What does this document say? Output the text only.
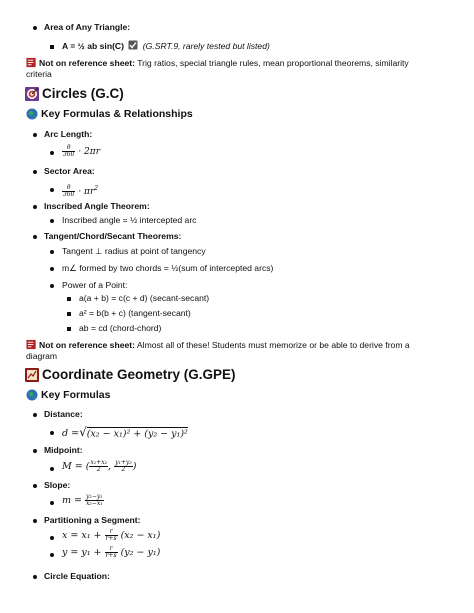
Area of Any Triangle:
A = ½ ab sin(C) (G.SRT.9, rarely tested but listed)
Not on reference sheet: Trig ratios, special triangle rules, mean proportional theorems, similarity
criteria
Circles (G.C)
Key Formulas & Relationships
Arc Length:
$\frac{\theta}{360} \cdot 2\pi r$
Sector Area:
$\frac{\theta}{360} \cdot \pi r^2$
Inscribed Angle Theorem:
Inscribed angle = ½ intercepted arc
Tangent/Chord/Secant Theorems:
Tangent ⊥ radius at point of tangency
m∠ formed by two chords = ½(sum of intercepted arcs)
Power of a Point:
a(a + b) = c(c + d) (secant-secant)
a² = b(b + c) (tangent-secant)
ab = cd (chord-chord)
Not on reference sheet: Almost all of these! Students must memorize or be able to derive from a
diagram
Coordinate Geometry (G.GPE)
Key Formulas
Distance:
d =√(x₂ − x₁)² + (y₂ − y₁)²
Midpoint:
M = ( $\frac{\text{x₁+x₂}}{2}$ , $\frac{\text{y₁+y₂}}{2}$ )
Slope:
$m = \frac{\text{y₂−y₁}}{\text{x₂−x₁}}$
Partitioning a Segment:
$x = x_1 + \frac{r}{r+s} (x_2 - x_1)$
$y = y_1 + \frac{r}{r+s} (y_2 - y_1)$
Circle Equation:
